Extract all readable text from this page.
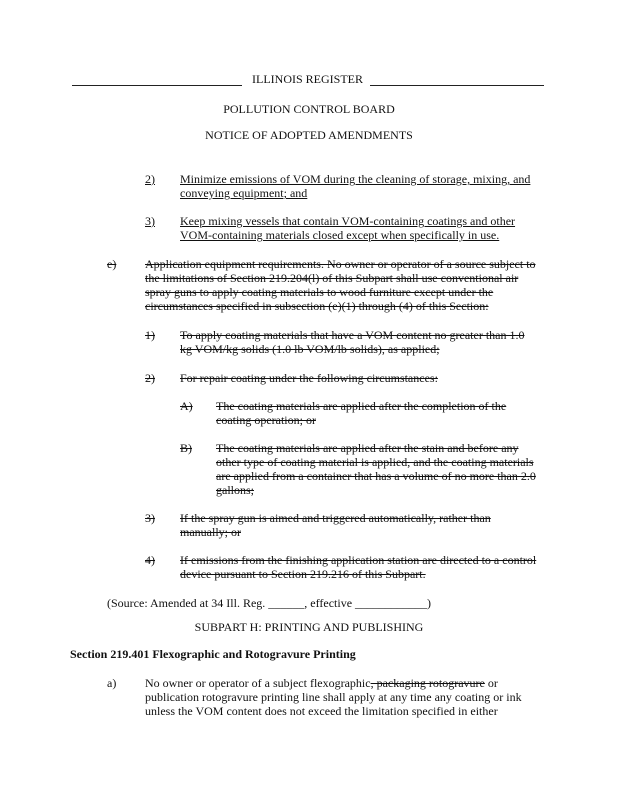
ILLINOIS REGISTER
POLLUTION CONTROL BOARD
NOTICE OF ADOPTED AMENDMENTS
2) Minimize emissions of VOM during the cleaning of storage, mixing, and
conveying equipment; and
3) Keep mixing vessels that contain VOM-containing coatings and other
VOM-containing materials closed except when specifically in use.
e) Application equipment requirements. No owner or operator of a source subject to
the limitations of Section 219.204(l) of this Subpart shall use conventional air
spray guns to apply coating materials to wood furniture except under the
circumstances specified in subsection (e)(1) through (4) of this Section:
1) To apply coating materials that have a VOM content no greater than 1.0
kg VOM/kg solids (1.0 lb VOM/lb solids), as applied;
2) For repair coating under the following circumstances:
A) The coating materials are applied after the completion of the
coating operation; or
B) The coating materials are applied after the stain and before any
other type of coating material is applied, and the coating materials
are applied from a container that has a volume of no more than 2.0
gallons;
3) If the spray gun is aimed and triggered automatically, rather than
manually; or
4) If emissions from the finishing application station are directed to a control
device pursuant to Section 219.216 of this Subpart.
(Source: Amended at 34 Ill. Reg. ______, effective ____________)
SUBPART H: PRINTING AND PUBLISHING
Section 219.401 Flexographic and Rotogravure Printing
a) No owner or operator of a subject flexographic, packaging rotogravure or
publication rotogravure printing line shall apply at any time any coating or ink
unless the VOM content does not exceed the limitation specified in either
